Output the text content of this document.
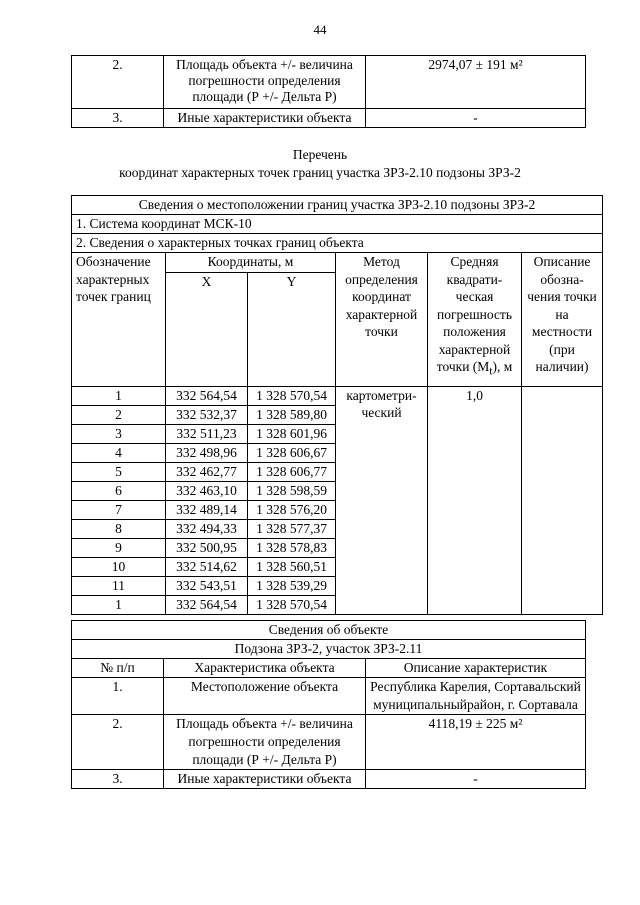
44
2.	Площадь объекта +/- величина погрешности определения площади (Р +/- Дельта Р)	2974,07 ± 191 м²
3.	Иные характеристики объекта	-
Перечень
координат характерных точек границ участка ЗРЗ-2.10 подзоны ЗРЗ-2
Сведения о местоположении границ участка ЗРЗ-2.10 подзоны ЗРЗ-2					
1. Система координат МСК-10					
2. Сведения о характерных точках границ объекта					
Обозначение характерных точек границ	Координаты, м		Метод определения координат характерной точки	Средняя квадрати-ческая погрешность положения характерной точки $(M_t)$, м	Описание обозна-чения точки на местности (при наличии)
	X	Y			
1	332 564,54	1 328 570,54	картометри-ческий	1,0	
2	332 532,37	1 328 589,80			
3	332 511,23	1 328 601,96			
4	332 498,96	1 328 606,67			
5	332 462,77	1 328 606,77			
6	332 463,10	1 328 598,59			
7	332 489,14	1 328 576,20			
8	332 494,33	1 328 577,37			
9	332 500,95	1 328 578,83			
10	332 514,62	1 328 560,51			
11	332 543,51	1 328 539,29			
1	332 564,54	1 328 570,54			
Сведения об объекте		
Подзона ЗРЗ-2, участок ЗРЗ-2.11		
№ п/п	Характеристика объекта	Описание характеристик
1.	Местоположение объекта	Республика Карелия, Сортавальский муниципальныйрайон, г. Сортавала
2.	Площадь объекта +/- величина погрешности определения площади (Р +/- Дельта Р)	4118,19 ± 225 м²
3.	Иные характеристики объекта	-
